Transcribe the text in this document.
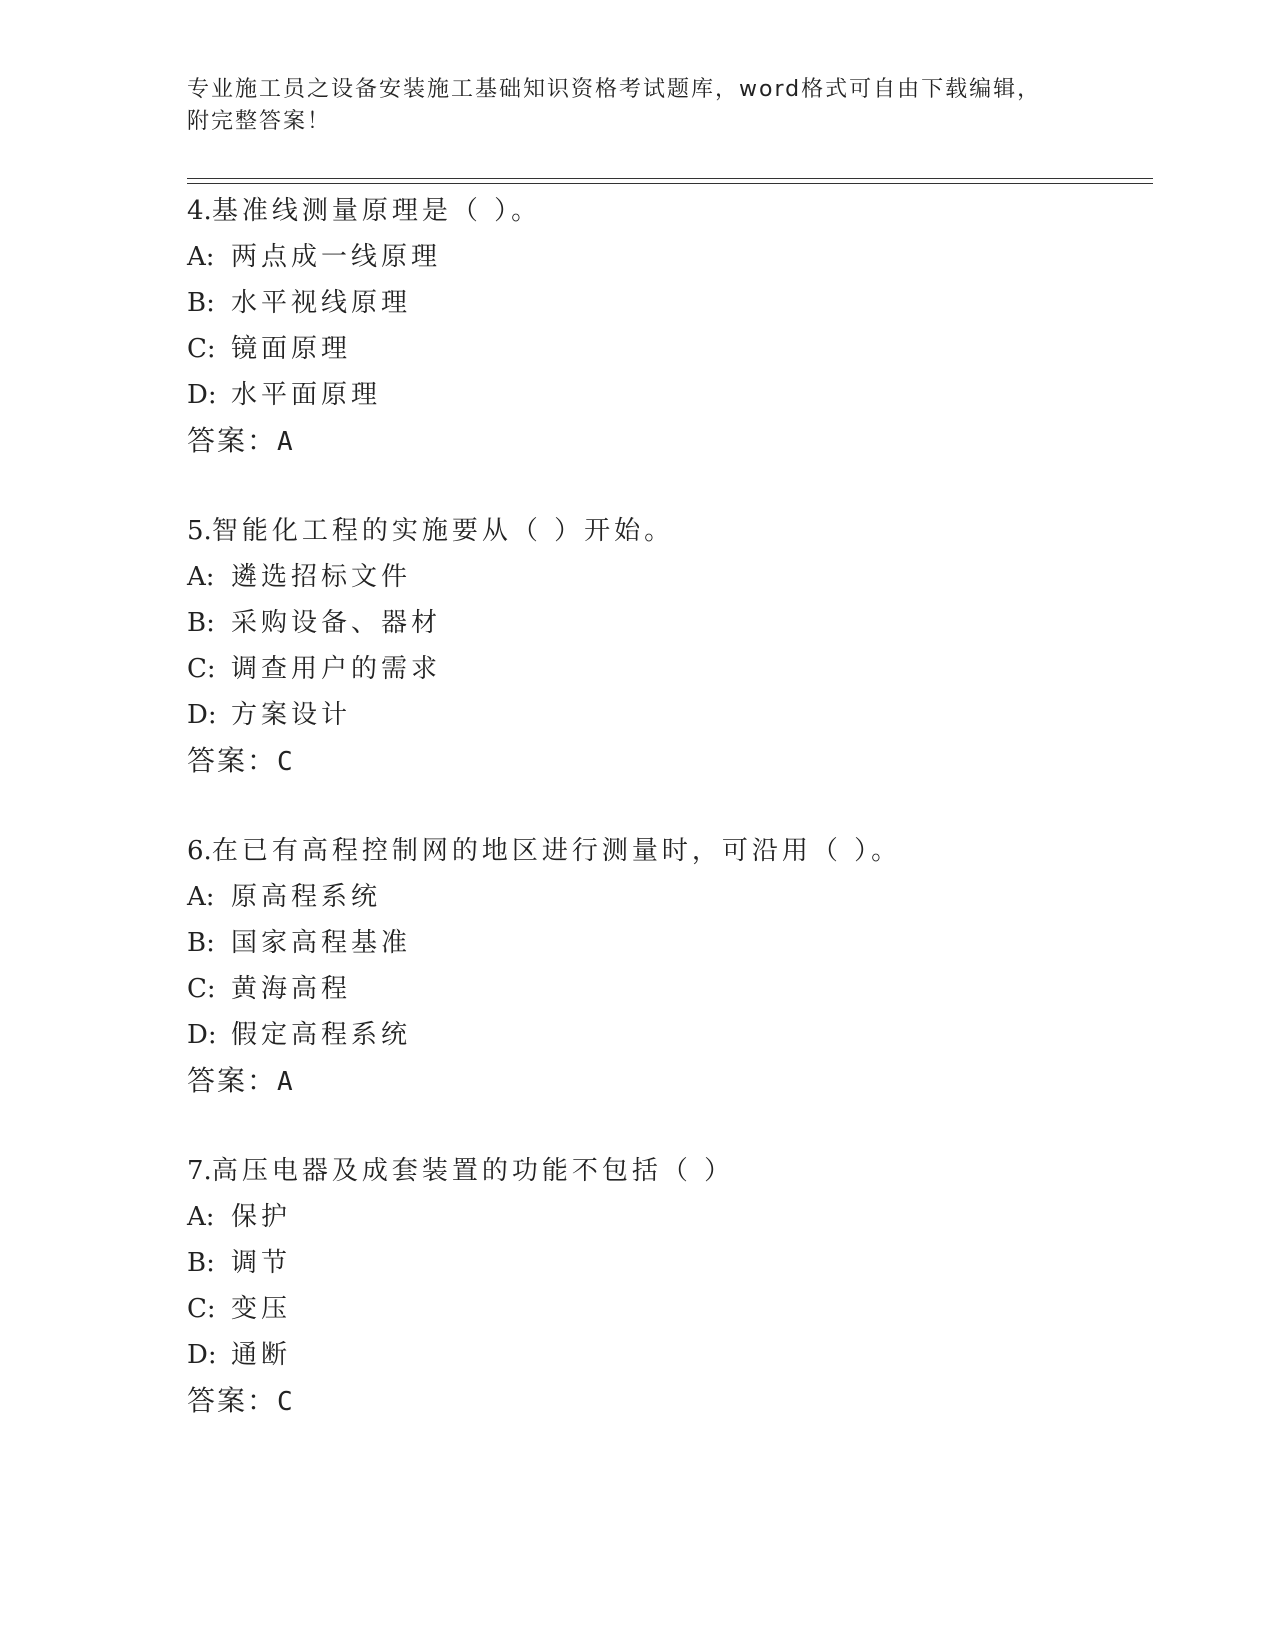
专业施工员之设备安装施工基础知识资格考试题库，word格式可自由下载编辑，
附完整答案！
4.基准线测量原理是（ ）。
A: 两点成一线原理
B: 水平视线原理
C: 镜面原理
D: 水平面原理
答案：A
5.智能化工程的实施要从（ ）开始。
A: 遴选招标文件
B: 采购设备、器材
C: 调查用户的需求
D: 方案设计
答案：C
6.在已有高程控制网的地区进行测量时，可沿用（ ）。
A: 原高程系统
B: 国家高程基准
C: 黄海高程
D: 假定高程系统
答案：A
7.高压电器及成套装置的功能不包括（ ）
A: 保护
B: 调节
C: 变压
D: 通断
答案：C
